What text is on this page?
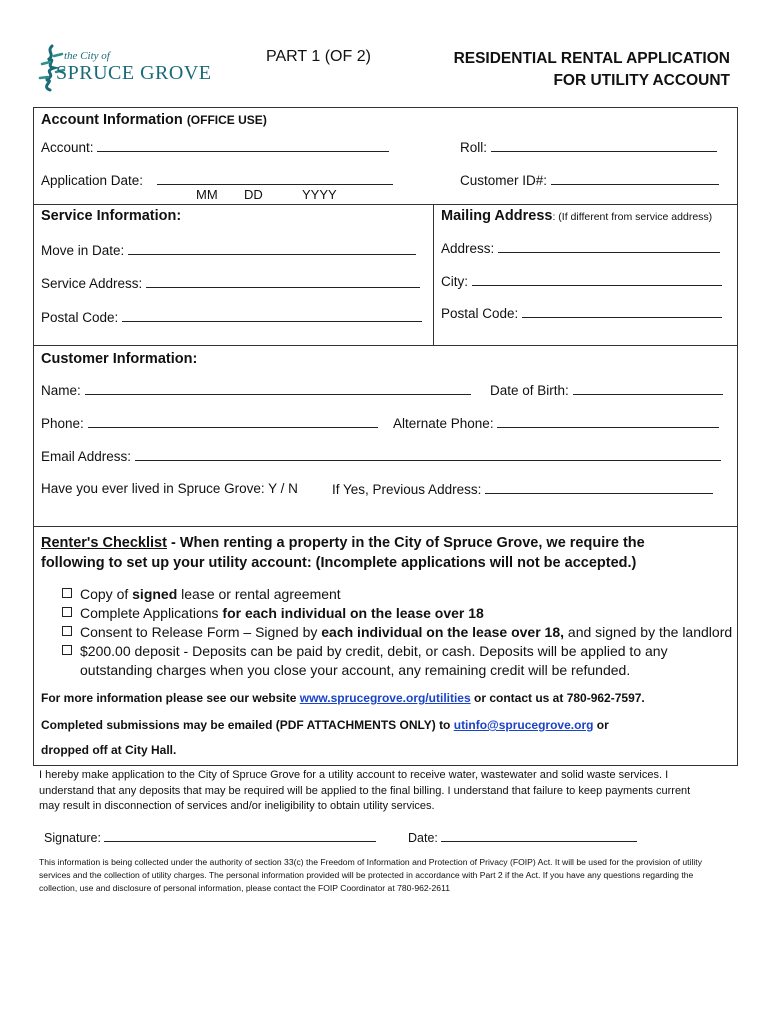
the City of
SPRUCE GROVE
PART 1 (OF 2)	RESIDENTIAL RENTAL APPLICATION
FOR UTILITY ACCOUNT
Account Information (OFFICE USE)
Account:	Roll:
Application Date:
MM DD	YYYY
Customer ID#:
Service Information:
Move in Date:
Service Address:
Postal Code:
Mailing Address: (If different from service address)
Address:
City:
Postal Code:
Customer Information:
Name:	Date of Birth:
Phone:	Alternate Phone:
Email Address:
Have you ever lived in Spruce Grove: Y / N	If Yes, Previous Address:
Renter's Checklist - When renting a property in the City of Spruce Grove, we require the
following to set up your utility account: (Incomplete applications will not be accepted.)
Copy of signed lease or rental agreement
Complete Applications for each individual on the lease over 18
Consent to Release Form – Signed by each individual on the lease over 18, and signed by the landlord
$200.00 deposit - Deposits can be paid by credit, debit, or cash. Deposits will be applied to any
outstanding charges when you close your account, any remaining credit will be refunded.
For more information please see our website www.sprucegrove.org/utilities or contact us at 780-962-7597.
Completed submissions may be emailed (PDF ATTACHMENTS ONLY) to utinfo@sprucegrove.org or
dropped off at City Hall.
I hereby make application to the City of Spruce Grove for a utility account to receive water, wastewater and solid waste services. I
understand that any deposits that may be required will be applied to the final billing. I understand that failure to keep payments current
may result in disconnection of services and/or ineligibility to obtain utility services.
Signature:	Date:
This information is being collected under the authority of section 33(c) the Freedom of Information and Protection of Privacy (FOIP) Act. It will be used for the provision of utility
services and the collection of utility charges. The personal information provided will be protected in accordance with Part 2 if the Act. If you have any questions regarding the
collection, use and disclosure of personal information, please contact the FOIP Coordinator at 780-962-2611
